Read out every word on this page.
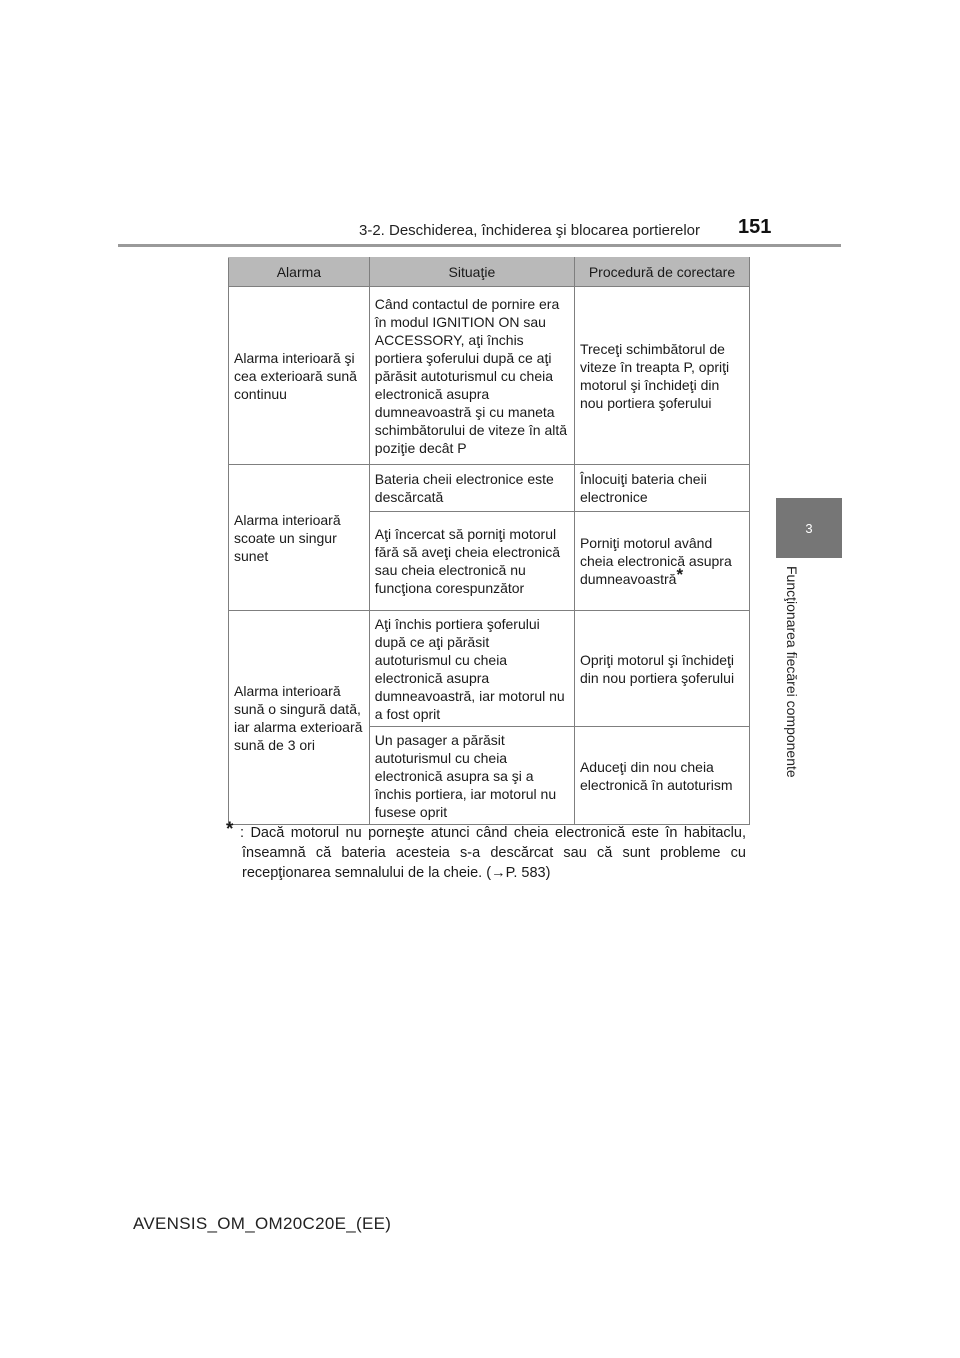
3-2. Deschiderea, închiderea şi blocarea portierelor 151
3
Funcţionarea fiecărei componente
Alarma	Situaţie	Procedură de corectare
Alarma interioară şi cea exterioară sună continuu	Când contactul de pornire era în modul IGNITION ON sau ACCESSORY, aţi închis portiera şoferului după ce aţi părăsit autoturismul cu cheia electronică asupra dumneavoastră şi cu maneta schimbătorului de viteze în altă poziţie decât P	Treceţi schimbătorul de viteze în treapta P, opriţi motorul şi închideţi din nou portiera şoferului
Alarma interioară scoate un singur sunet	Bateria cheii electronice este descărcată	Înlocuiţi bateria cheii electronice
	Aţi încercat să porniţi motorul fără să aveţi cheia electronică sau cheia electronică nu funcţiona corespunzător	Porniţi motorul având cheia electronică asupra dumneavoastră*
Alarma interioară sună o singură dată, iar alarma exterioară sună de 3 ori	Aţi închis portiera şoferului după ce aţi părăsit autoturismul cu cheia electronică asupra dumneavoastră, iar motorul nu a fost oprit	Opriţi motorul şi închideţi din nou portiera şoferului
	Un pasager a părăsit autoturismul cu cheia electronică asupra sa şi a închis portiera, iar motorul nu fusese oprit	Aduceţi din nou cheia electronică în autoturism
* : Dacă motorul nu porneşte atunci când cheia electronică este în habitaclu,
înseamnă că bateria acesteia s-a descărcat sau că sunt probleme cu
recepţionarea semnalului de la cheie. (→P. 583)
AVENSIS_OM_OM20C20E_(EE)
